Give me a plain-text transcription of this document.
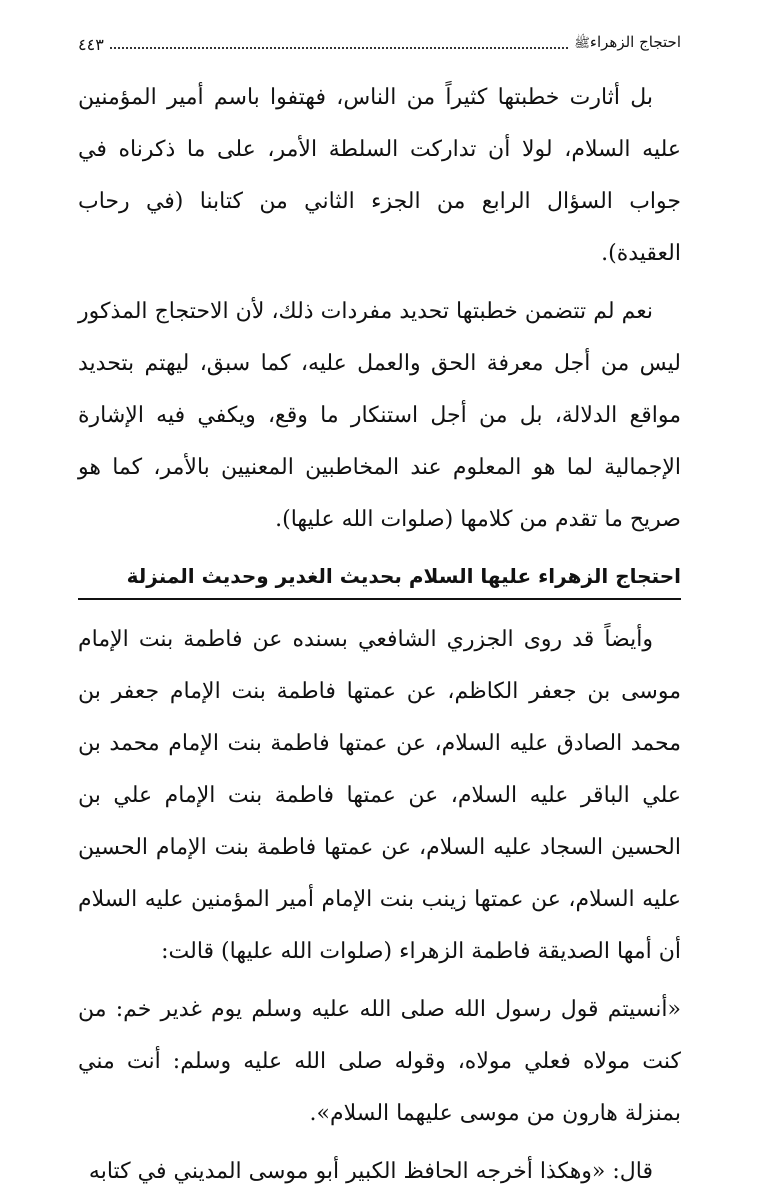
احتجاج الزهراءﷺ
٤٤٣

بل أثارت خطبتها كثيراً من الناس، فهتفوا باسم أمير المؤمنين عليه السلام، لولا أن تداركت السلطة الأمر، على ما ذكرناه في جواب السؤال الرابع من الجزء الثاني من كتابنا (في رحاب العقيدة).

نعم لم تتضمن خطبتها تحديد مفردات ذلك، لأن الاحتجاج المذكور ليس من أجل معرفة الحق والعمل عليه، كما سبق، ليهتم بتحديد مواقع الدلالة، بل من أجل استنكار ما وقع، ويكفي فيه الإشارة الإجمالية لما هو المعلوم عند المخاطبين المعنيين بالأمر، كما هو صريح ما تقدم من كلامها (صلوات الله عليها).

احتجاج الزهراء عليها السلام بحديث الغدير وحديث المنزلة

وأيضاً قد روى الجزري الشافعي بسنده عن فاطمة بنت الإمام موسى بن جعفر الكاظم، عن عمتها فاطمة بنت الإمام جعفر بن محمد الصادق عليه السلام، عن عمتها فاطمة بنت الإمام محمد بن علي الباقر عليه السلام، عن عمتها فاطمة بنت الإمام علي بن الحسين السجاد عليه السلام، عن عمتها فاطمة بنت الإمام الحسين عليه السلام، عن عمتها زينب بنت الإمام أمير المؤمنين عليه السلام أن أمها الصديقة فاطمة الزهراء (صلوات الله عليها) قالت:

«أنسيتم قول رسول الله صلى الله عليه وسلم يوم غدير خم: من كنت مولاه فعلي مولاه، وقوله صلى الله عليه وسلم: أنت مني بمنزلة هارون من موسى عليهما السلام».

قال: «وهكذا أخرجه الحافظ الكبير أبو موسى المديني في كتابه
